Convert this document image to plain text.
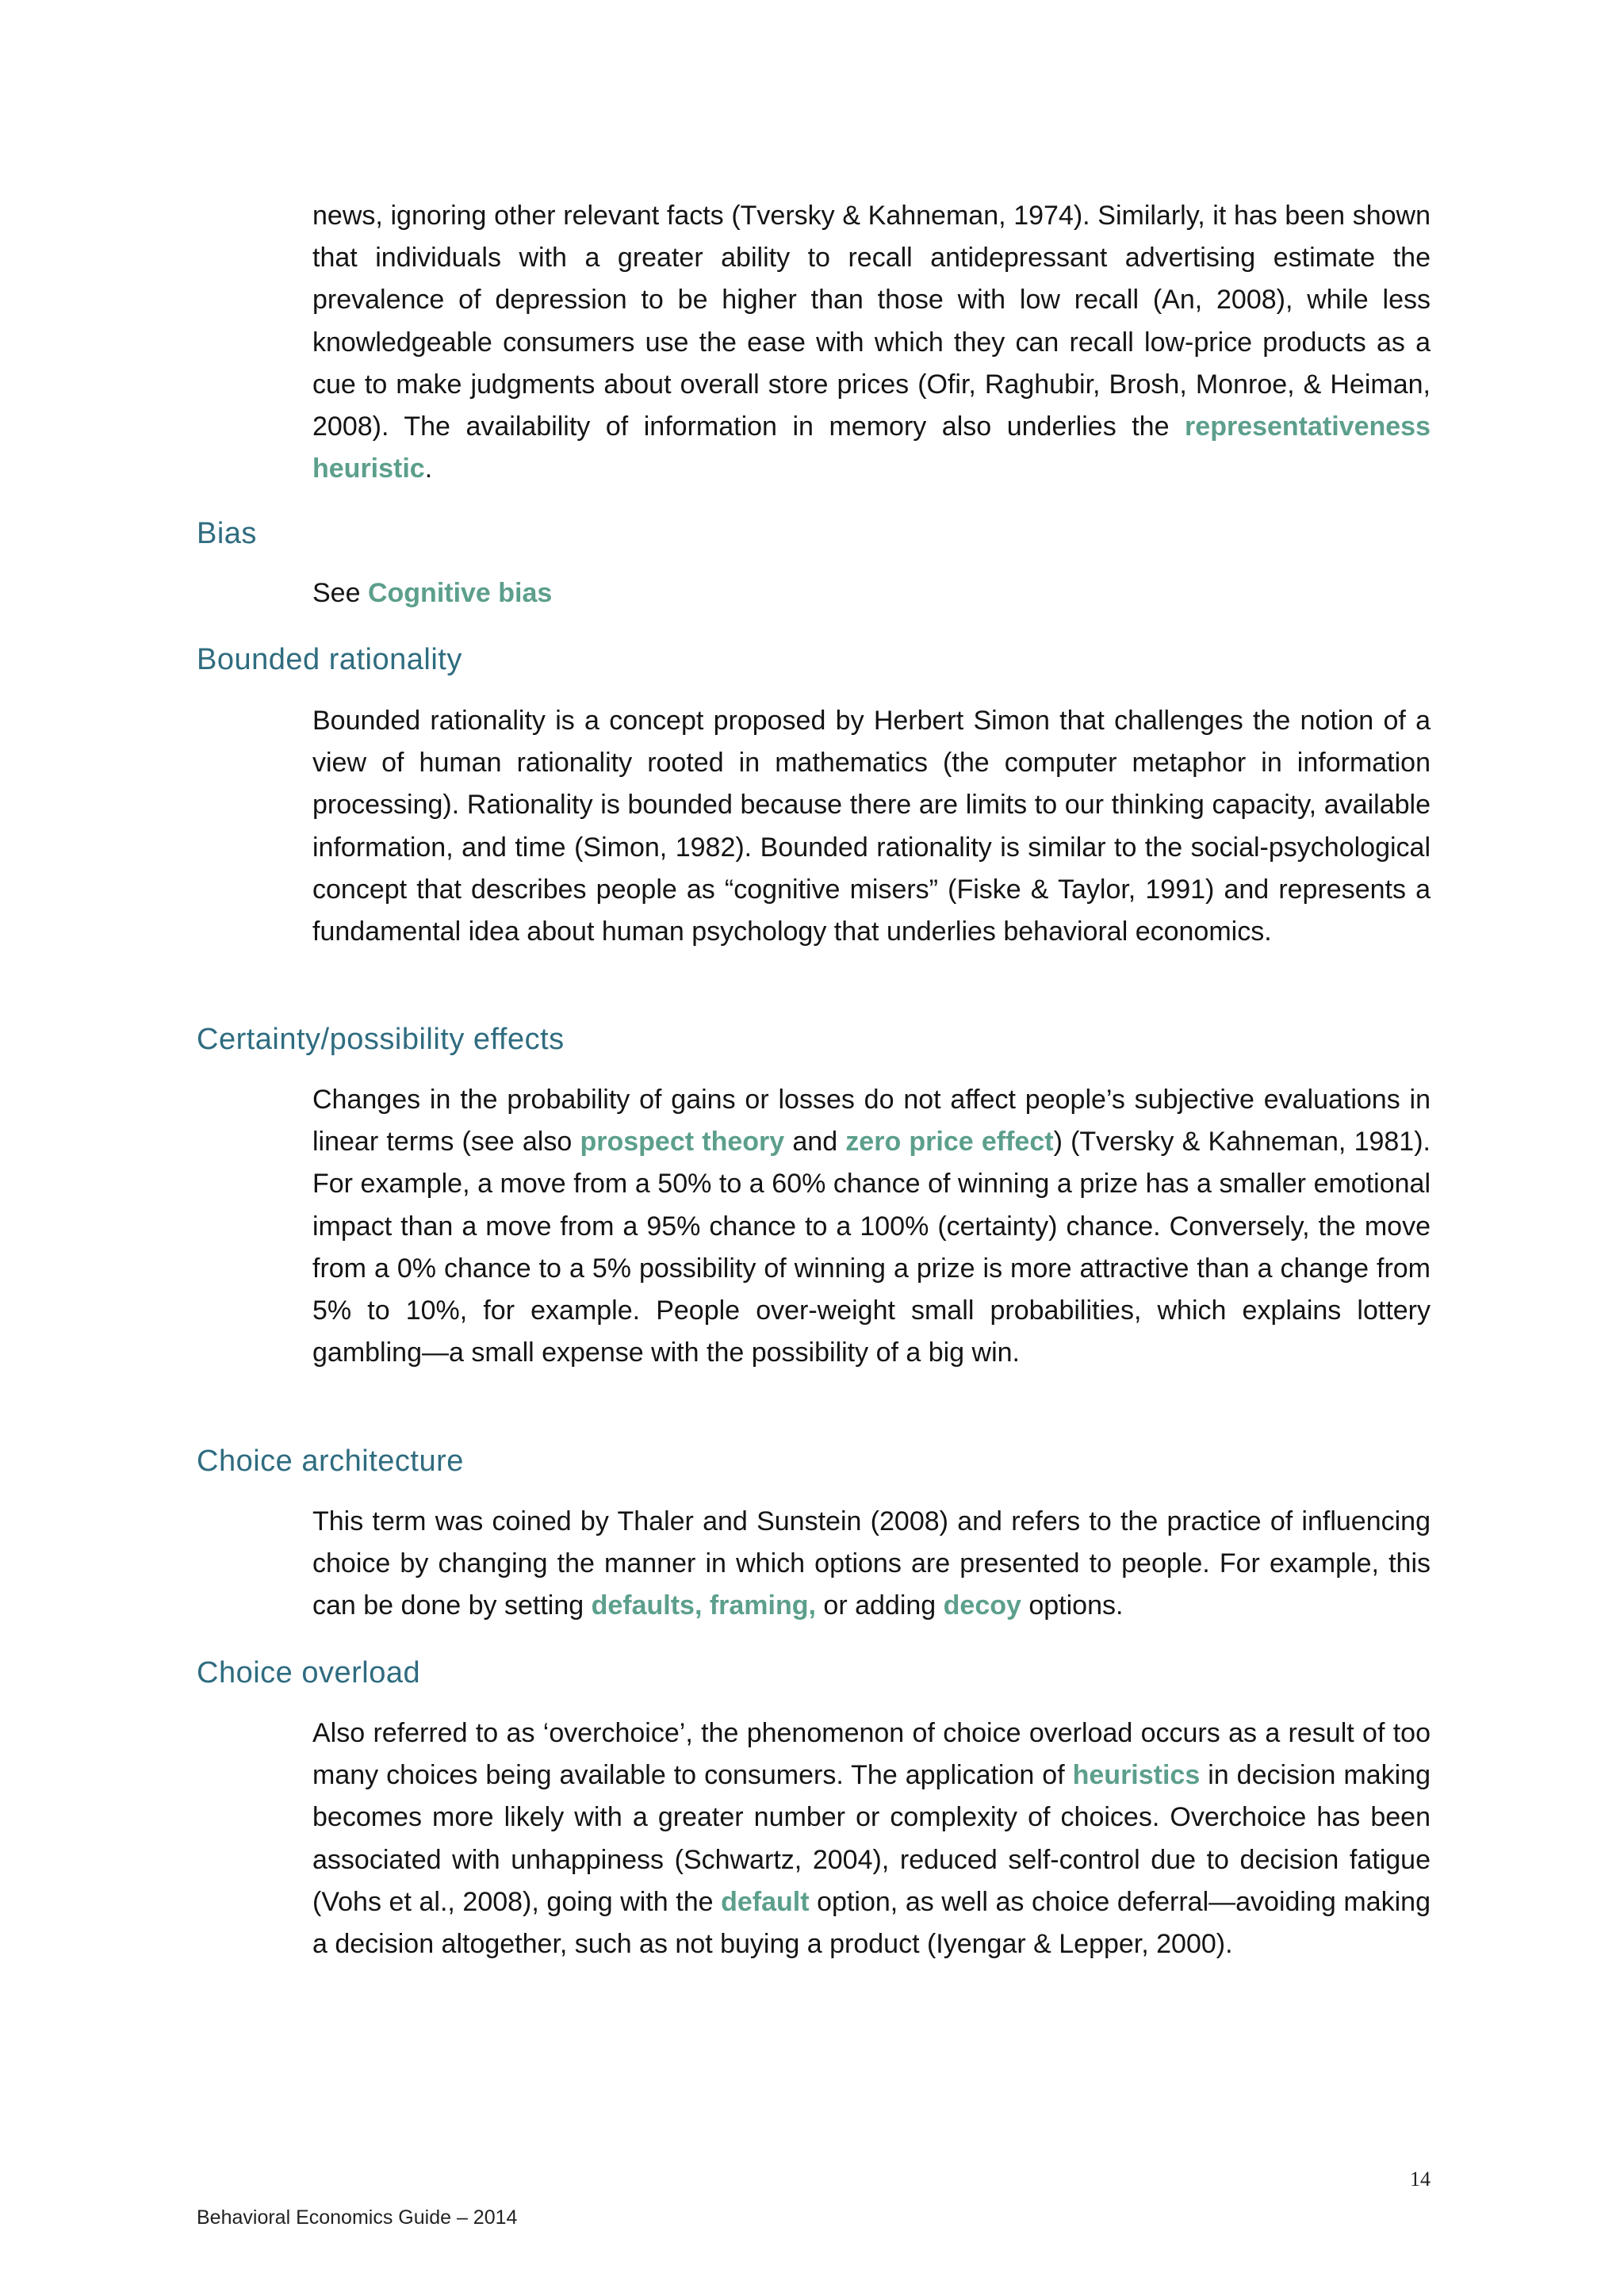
news, ignoring other relevant facts (Tversky & Kahneman, 1974). Similarly, it has been shown that individuals with a greater ability to recall antidepressant advertising estimate the prevalence of depression to be higher than those with low recall (An, 2008), while less knowledgeable consumers use the ease with which they can recall low-price products as a cue to make judgments about overall store prices (Ofir, Raghubir, Brosh, Monroe, & Heiman, 2008). The availability of information in memory also underlies the representativeness heuristic.

Bias

See Cognitive bias

Bounded rationality

Bounded rationality is a concept proposed by Herbert Simon that challenges the notion of a view of human rationality rooted in mathematics (the computer metaphor in information processing). Rationality is bounded because there are limits to our thinking capacity, available information, and time (Simon, 1982). Bounded rationality is similar to the social-psychological concept that describes people as “cognitive misers” (Fiske & Taylor, 1991) and represents a fundamental idea about human psychology that underlies behavioral economics.

Certainty/possibility effects

Changes in the probability of gains or losses do not affect people’s subjective evaluations in linear terms (see also prospect theory and zero price effect) (Tversky & Kahneman, 1981). For example, a move from a 50% to a 60% chance of winning a prize has a smaller emotional impact than a move from a 95% chance to a 100% (certainty) chance. Conversely, the move from a 0% chance to a 5% possibility of winning a prize is more attractive than a change from 5% to 10%, for example. People over-weight small probabilities, which explains lottery gambling—a small expense with the possibility of a big win.

Choice architecture

This term was coined by Thaler and Sunstein (2008) and refers to the practice of influencing choice by changing the manner in which options are presented to people. For example, this can be done by setting defaults, framing, or adding decoy options.

Choice overload

Also referred to as ‘overchoice’, the phenomenon of choice overload occurs as a result of too many choices being available to consumers. The application of heuristics in decision making becomes more likely with a greater number or complexity of choices. Overchoice has been associated with unhappiness (Schwartz, 2004), reduced self-control due to decision fatigue (Vohs et al., 2008), going with the default option, as well as choice deferral—avoiding making a decision altogether, such as not buying a product (Iyengar & Lepper, 2000).

14
Behavioral Economics Guide – 2014
